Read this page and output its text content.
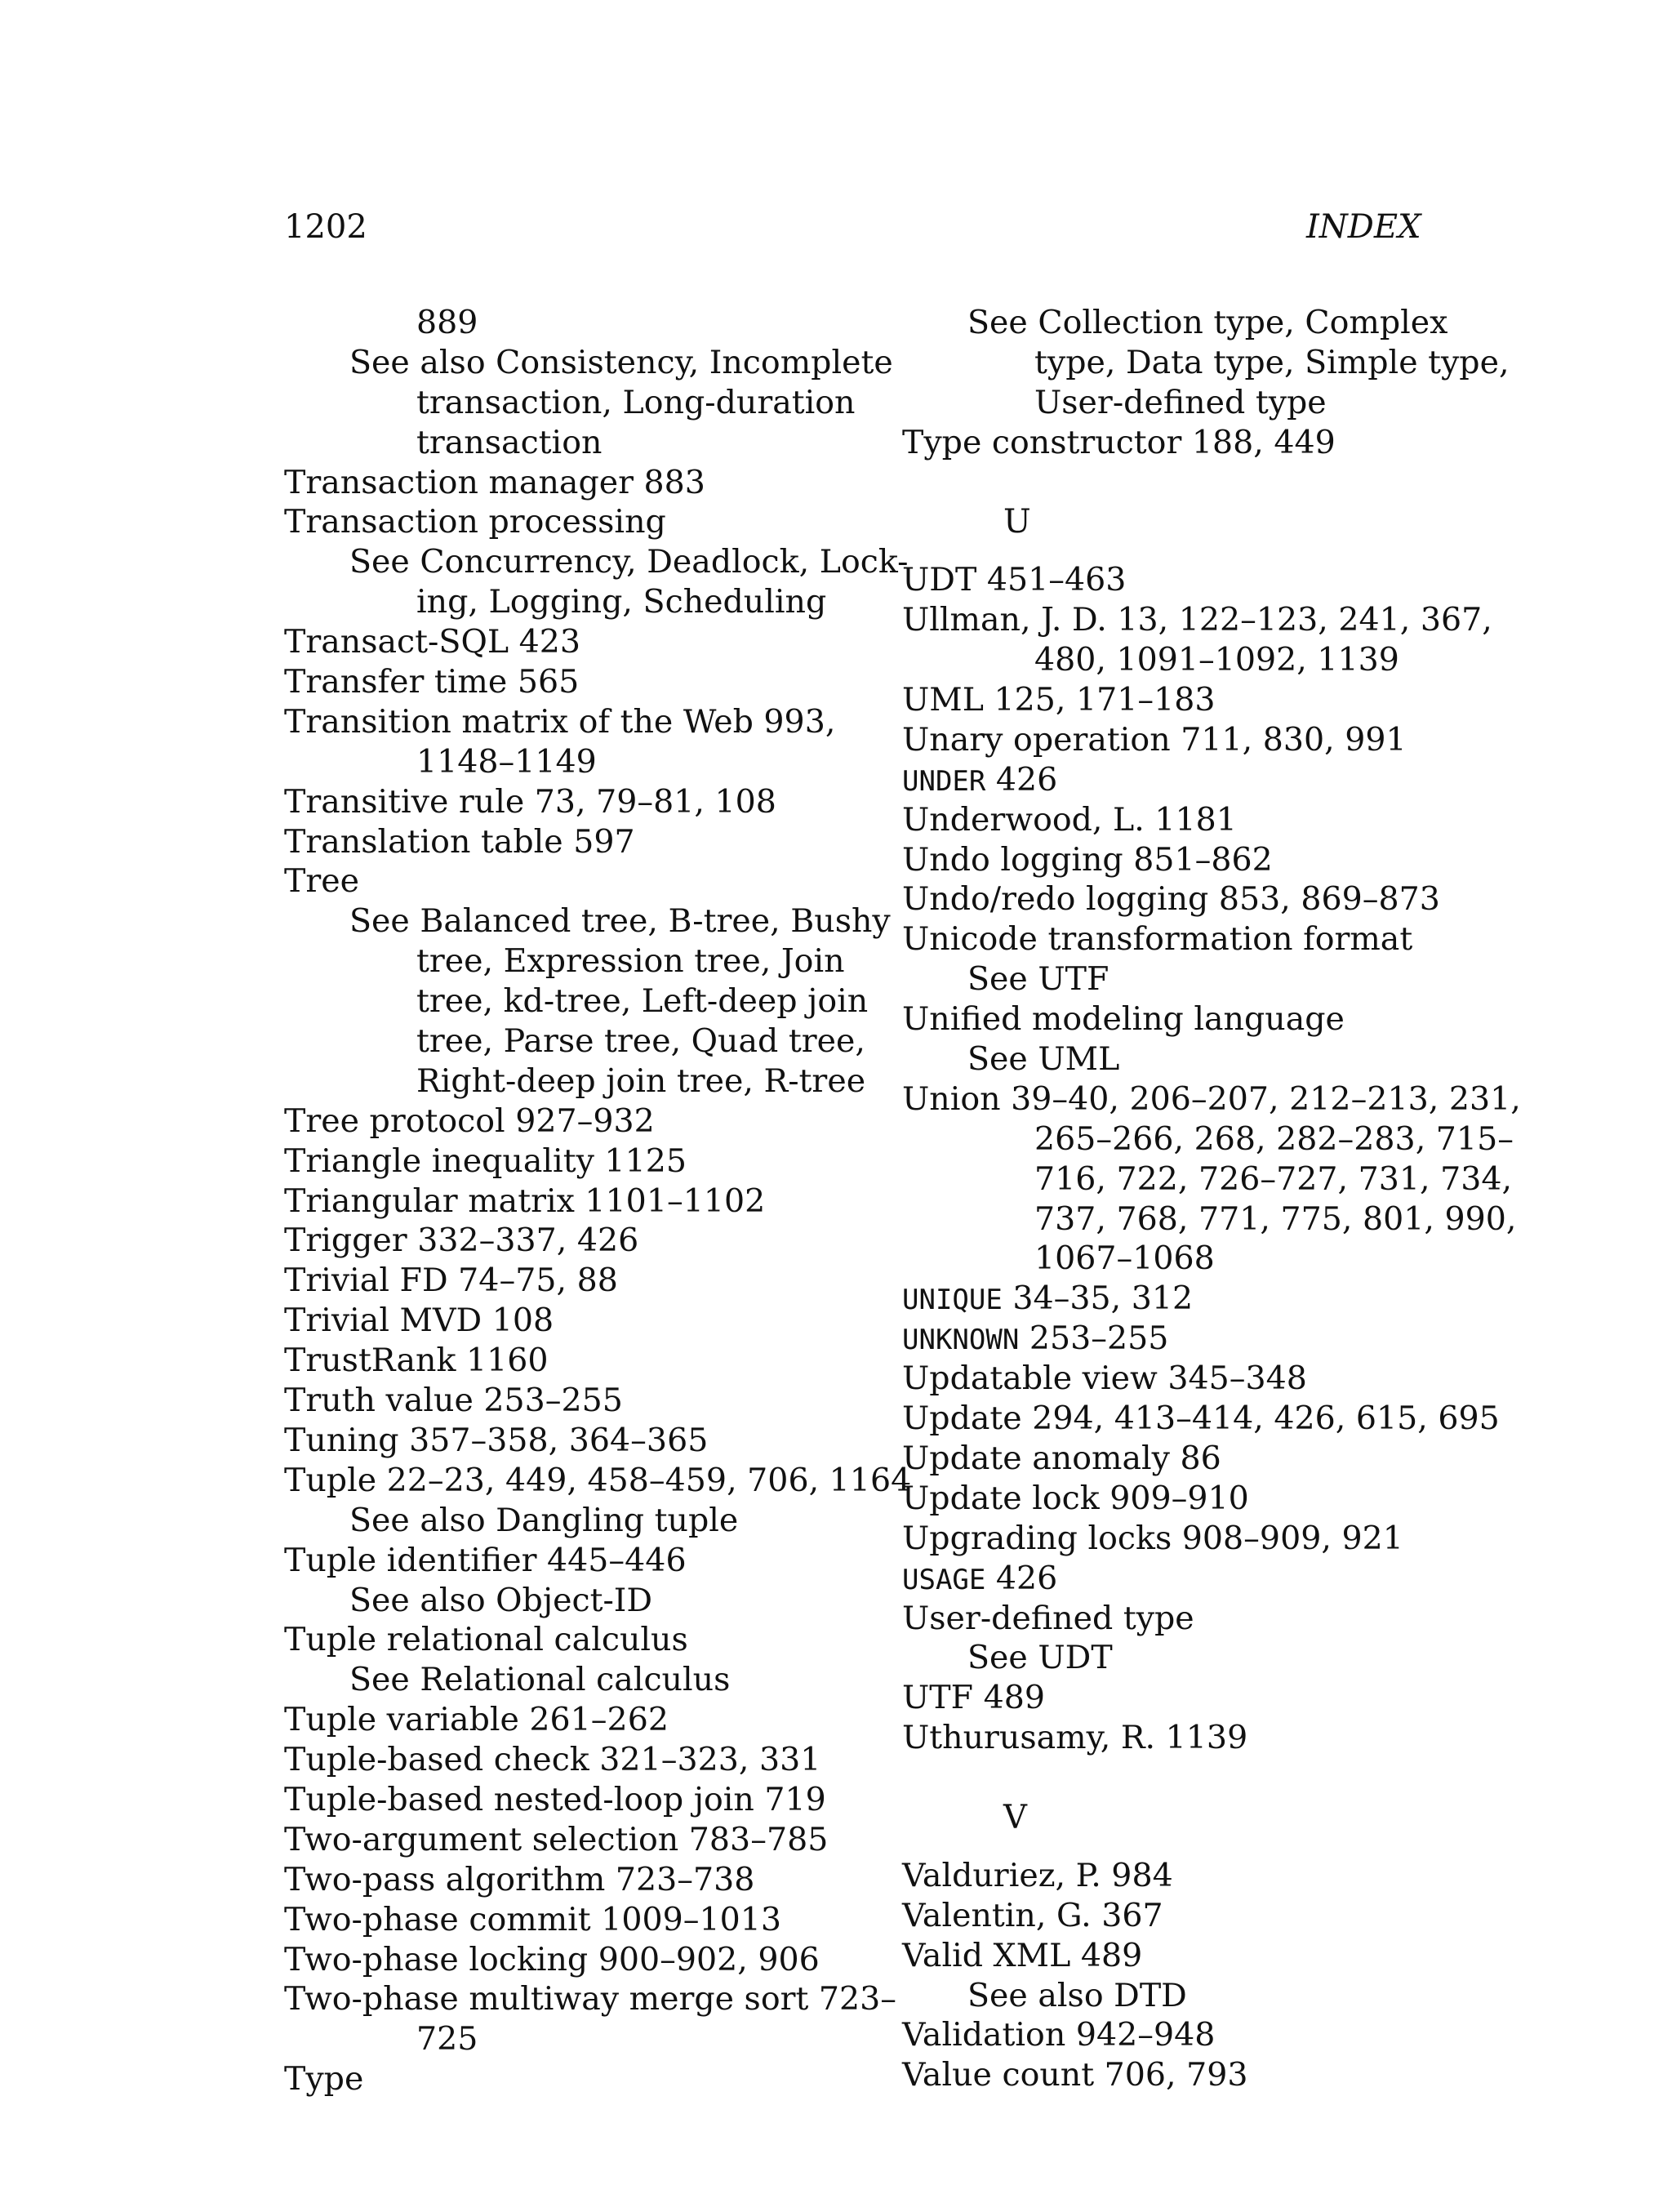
1202	INDEX
889
See also Consistency, Incomplete
transaction, Long-duration
transaction
Transaction manager 883
Transaction processing
See Concurrency, Deadlock, Lock-
ing, Logging, Scheduling
Transact-SQL 423
Transfer time 565
Transition matrix of the Web 993,
1148–1149
Transitive rule 73, 79–81, 108
Translation table 597
Tree
See Balanced tree, B-tree, Bushy
tree, Expression tree, Join
tree, kd-tree, Left-deep join
tree, Parse tree, Quad tree,
Right-deep join tree, R-tree
Tree protocol 927–932
Triangle inequality 1125
Triangular matrix 1101–1102
Trigger 332–337, 426
Trivial FD 74–75, 88
Trivial MVD 108
TrustRank 1160
Truth value 253–255
Tuning 357–358, 364–365
Tuple 22–23, 449, 458–459, 706, 1164
See also Dangling tuple
Tuple identifier 445–446
See also Object-ID
Tuple relational calculus
See Relational calculus
Tuple variable 261–262
Tuple-based check 321–323, 331
Tuple-based nested-loop join 719
Two-argument selection 783–785
Two-pass algorithm 723–738
Two-phase commit 1009–1013
Two-phase locking 900–902, 906
Two-phase multiway merge sort 723–
725
Type
See Collection type, Complex
type, Data type, Simple type,
User-defined type
Type constructor 188, 449
U
UDT 451–463
Ullman, J. D. 13, 122–123, 241, 367,
480, 1091–1092, 1139
UML 125, 171–183
Unary operation 711, 830, 991
UNDER 426
Underwood, L. 1181
Undo logging 851–862
Undo/redo logging 853, 869–873
Unicode transformation format
See UTF
Unified modeling language
See UML
Union 39–40, 206–207, 212–213, 231,
265–266, 268, 282–283, 715–
716, 722, 726–727, 731, 734,
737, 768, 771, 775, 801, 990,
1067–1068
UNIQUE 34–35, 312
UNKNOWN 253–255
Updatable view 345–348
Update 294, 413–414, 426, 615, 695
Update anomaly 86
Update lock 909–910
Upgrading locks 908–909, 921
USAGE 426
User-defined type
See UDT
UTF 489
Uthurusamy, R. 1139
V
Valduriez, P. 984
Valentin, G. 367
Valid XML 489
See also DTD
Validation 942–948
Value count 706, 793
